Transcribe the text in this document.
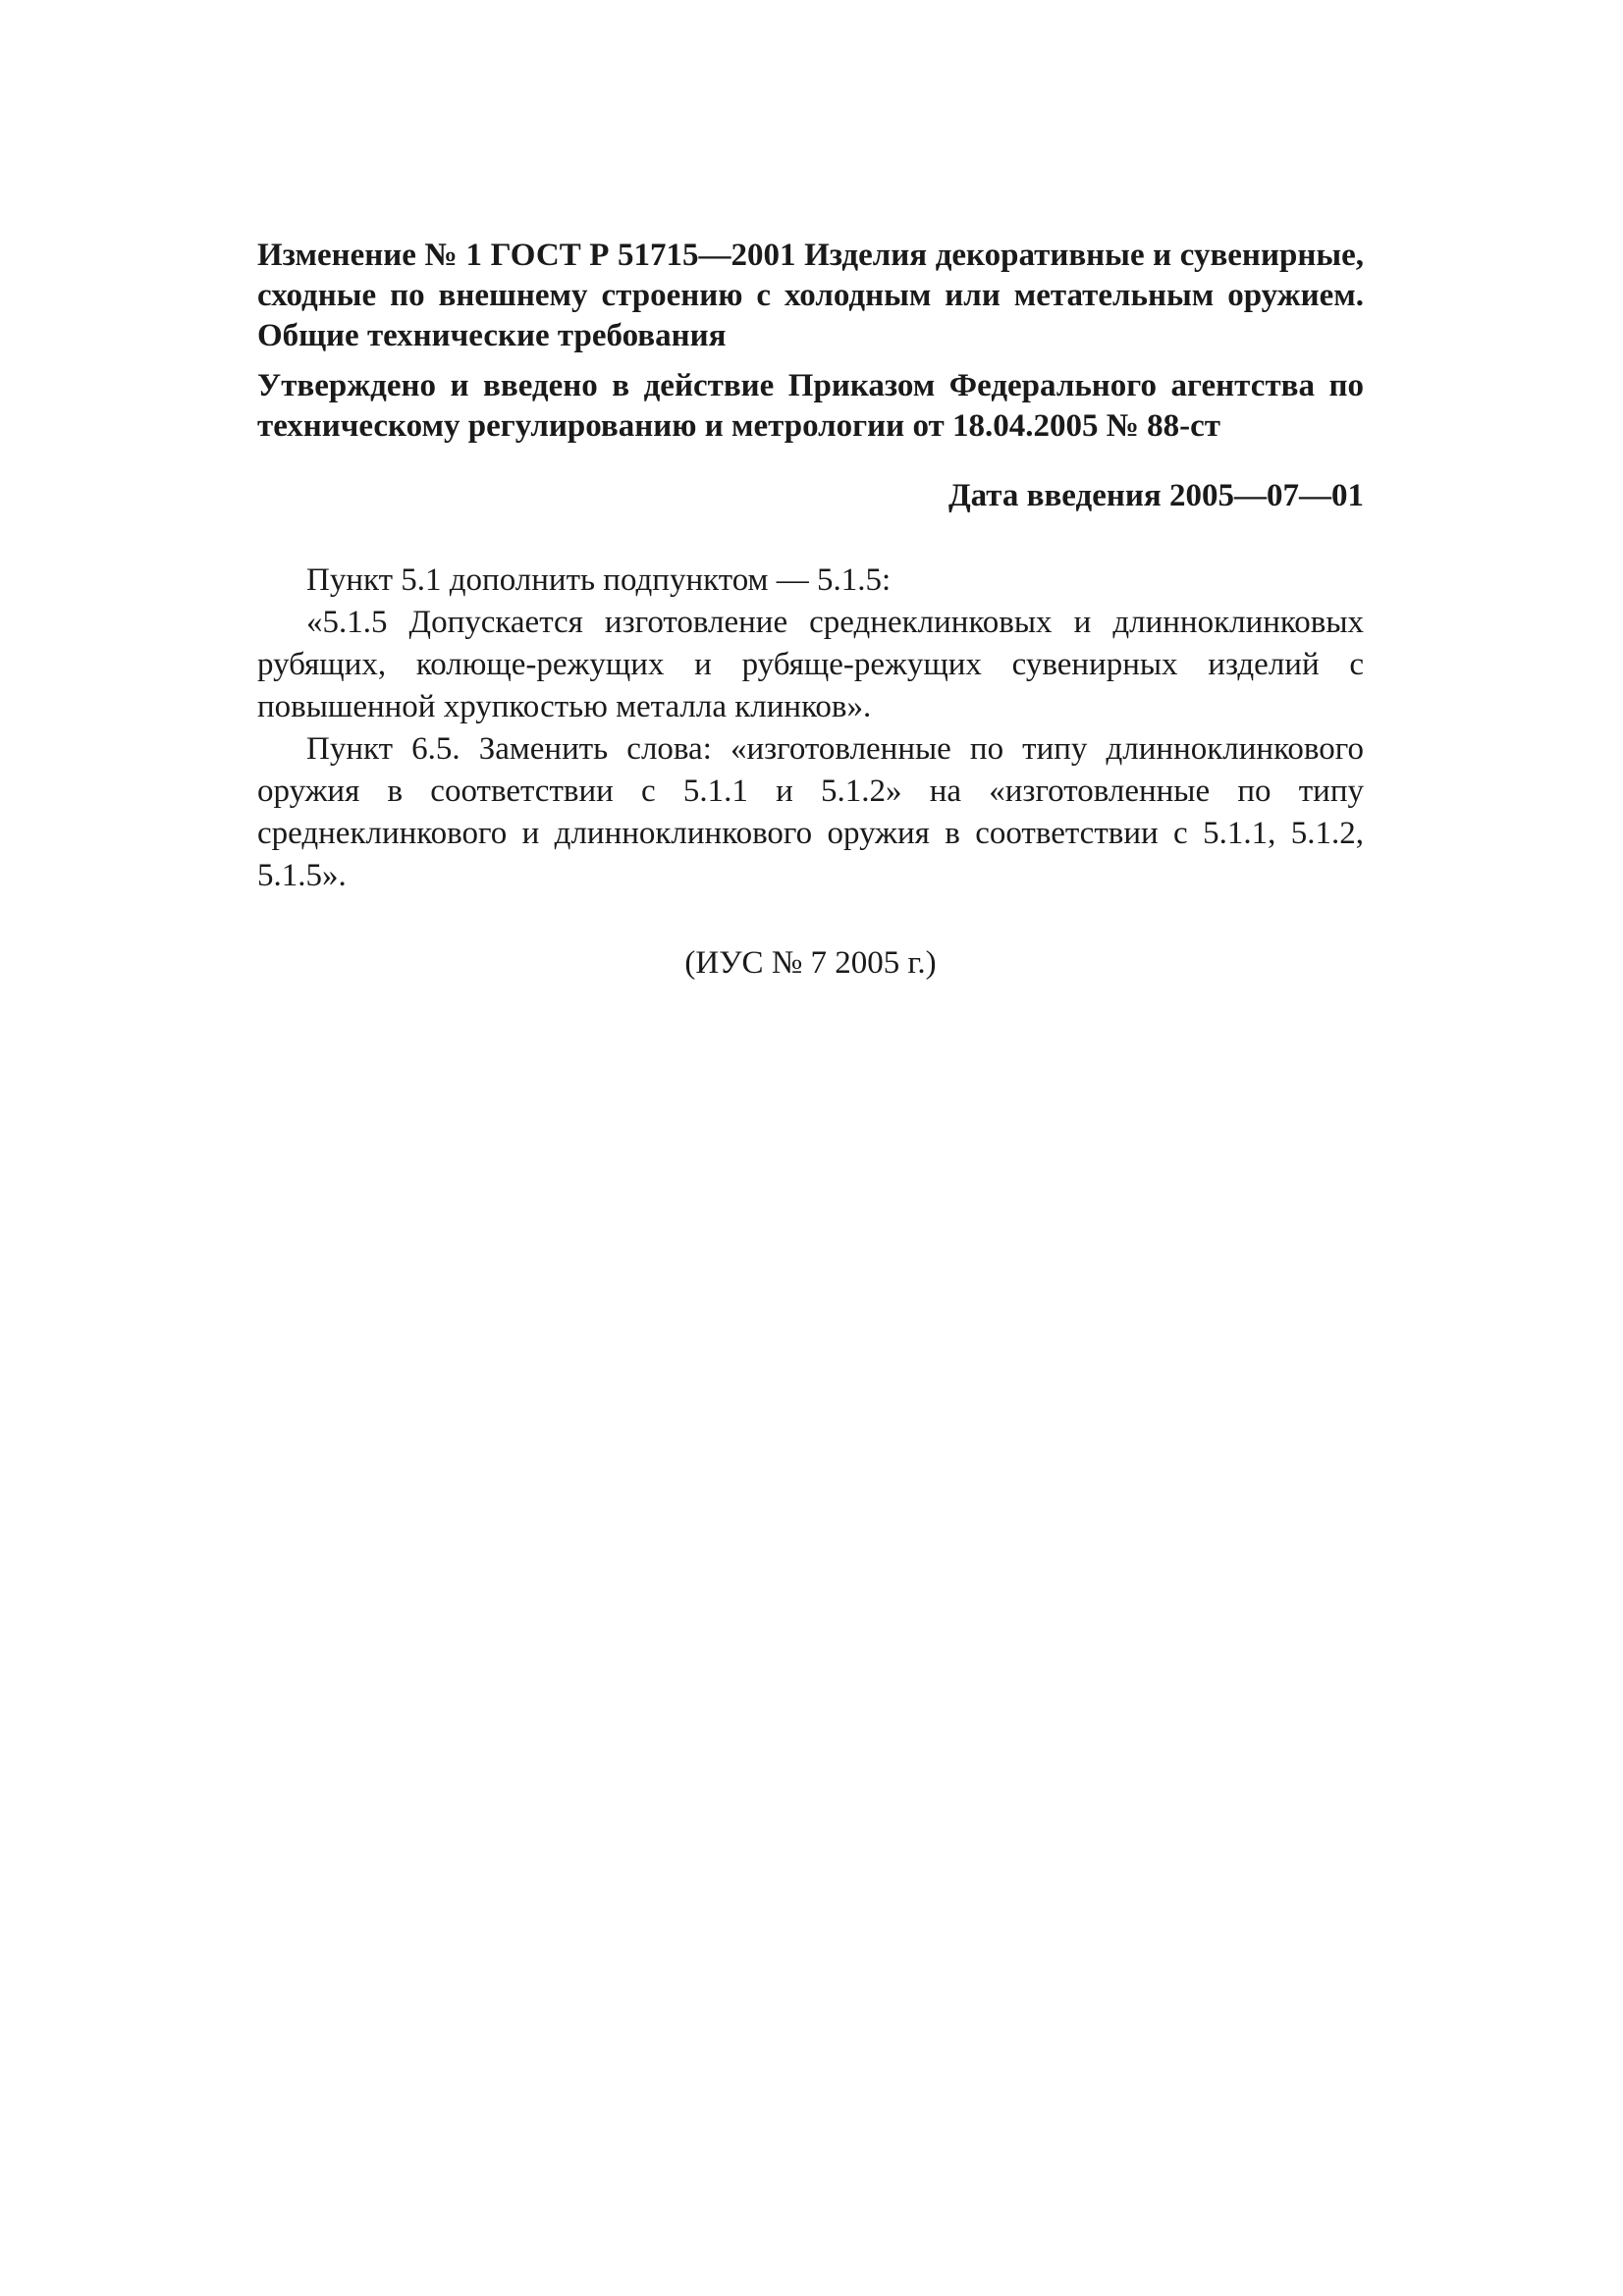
Изменение № 1 ГОСТ Р 51715—2001 Изделия декоративные и сувенирные, сходные по внешнему строению с холодным или метательным оружием. Общие технические требования

Утверждено и введено в действие Приказом Федерального агентства по техническому регулированию и метрологии от 18.04.2005 № 88-ст

Дата введения 2005—07—01

Пункт 5.1 дополнить подпунктом — 5.1.5:

«5.1.5 Допускается изготовление среднеклинковых и длинноклинковых рубящих, колюще-режущих и рубяще-режущих сувенирных изделий с повышенной хрупкостью металла клинков».

Пункт 6.5. Заменить слова: «изготовленные по типу длинноклинкового оружия в соответствии с 5.1.1 и 5.1.2» на «изготовленные по типу среднеклинкового и длинноклинкового оружия в соответствии с 5.1.1, 5.1.2, 5.1.5».

(ИУС № 7 2005 г.)
